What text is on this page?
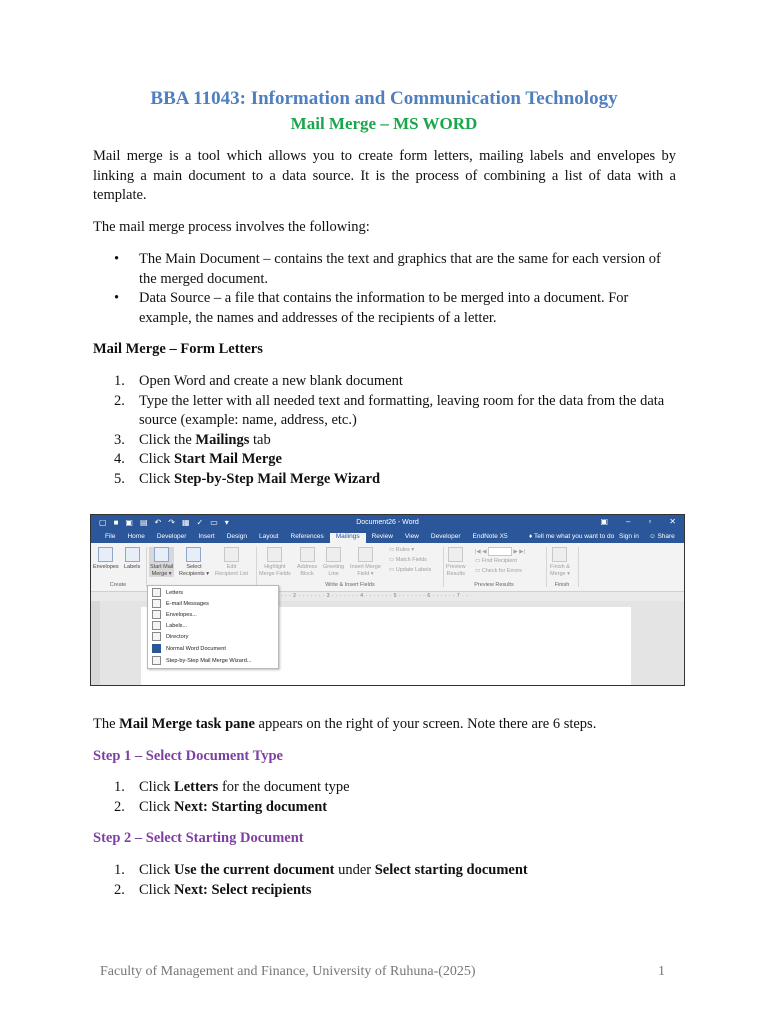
BBA 11043: Information and Communication Technology
Mail Merge – MS WORD
Mail merge is a tool which allows you to create form letters, mailing labels and envelopes by linking a main document to a data source. It is the process of combining a list of data with a template.
The mail merge process involves the following:
• The Main Document – contains the text and graphics that are the same for each version of the merged document.
• Data Source – a file that contains the information to be merged into a document. For example, the names and addresses of the recipients of a letter.
Mail Merge – Form Letters
1. Open Word and create a new blank document
2. Type the letter with all needed text and formatting, leaving room for the data from the data source (example: name, address, etc.)
3. Click the Mailings tab
4. Click Start Mail Merge
5. Click Step-by-Step Mail Merge Wizard
▢ ■ ▣ ▤ ↶ ↷ ▦ ✓ ▭ ▾	Document26 - Word	▣ – ▫ ✕
File	Home	Developer	Insert	Design	Layout	References	Mailings	Review	View	Developer	EndNote X5	♦ Tell me what you want to do Sign in ☺ Share
Envelopes Labels
Create
Start Mail
Merge ▾
Select
Recipients ▾
Edit
Recipient List
Highlight
Merge Fields
Address
Block
Greeting
Line
Insert Merge
Field ▾
▭ Rules ▾
▭ Match Fields
▭ Update Labels
Write & Insert Fields
Preview
Results
|◀ ◀	▶ ▶|
▭ Find Recipient
▭ Check for Errors
Preview Results
Finish &
Merge ▾
Finish
· · · 2 · · · · · · · 3 · · · · · · · 4 · · · · · · · 5 · · · · · · · 6 · · · · · · 7 · ·
Letters
E-mail Messages
Envelopes...
Labels...
Directory
Normal Word Document
Step-by-Step Mail Merge Wizard...
The Mail Merge task pane appears on the right of your screen. Note there are 6 steps.
Step 1 – Select Document Type
1. Click Letters for the document type
2. Click Next: Starting document
Step 2 – Select Starting Document
1. Click Use the current document under Select starting document
2. Click Next: Select recipients
Faculty of Management and Finance, University of Ruhuna-(2025)	1
